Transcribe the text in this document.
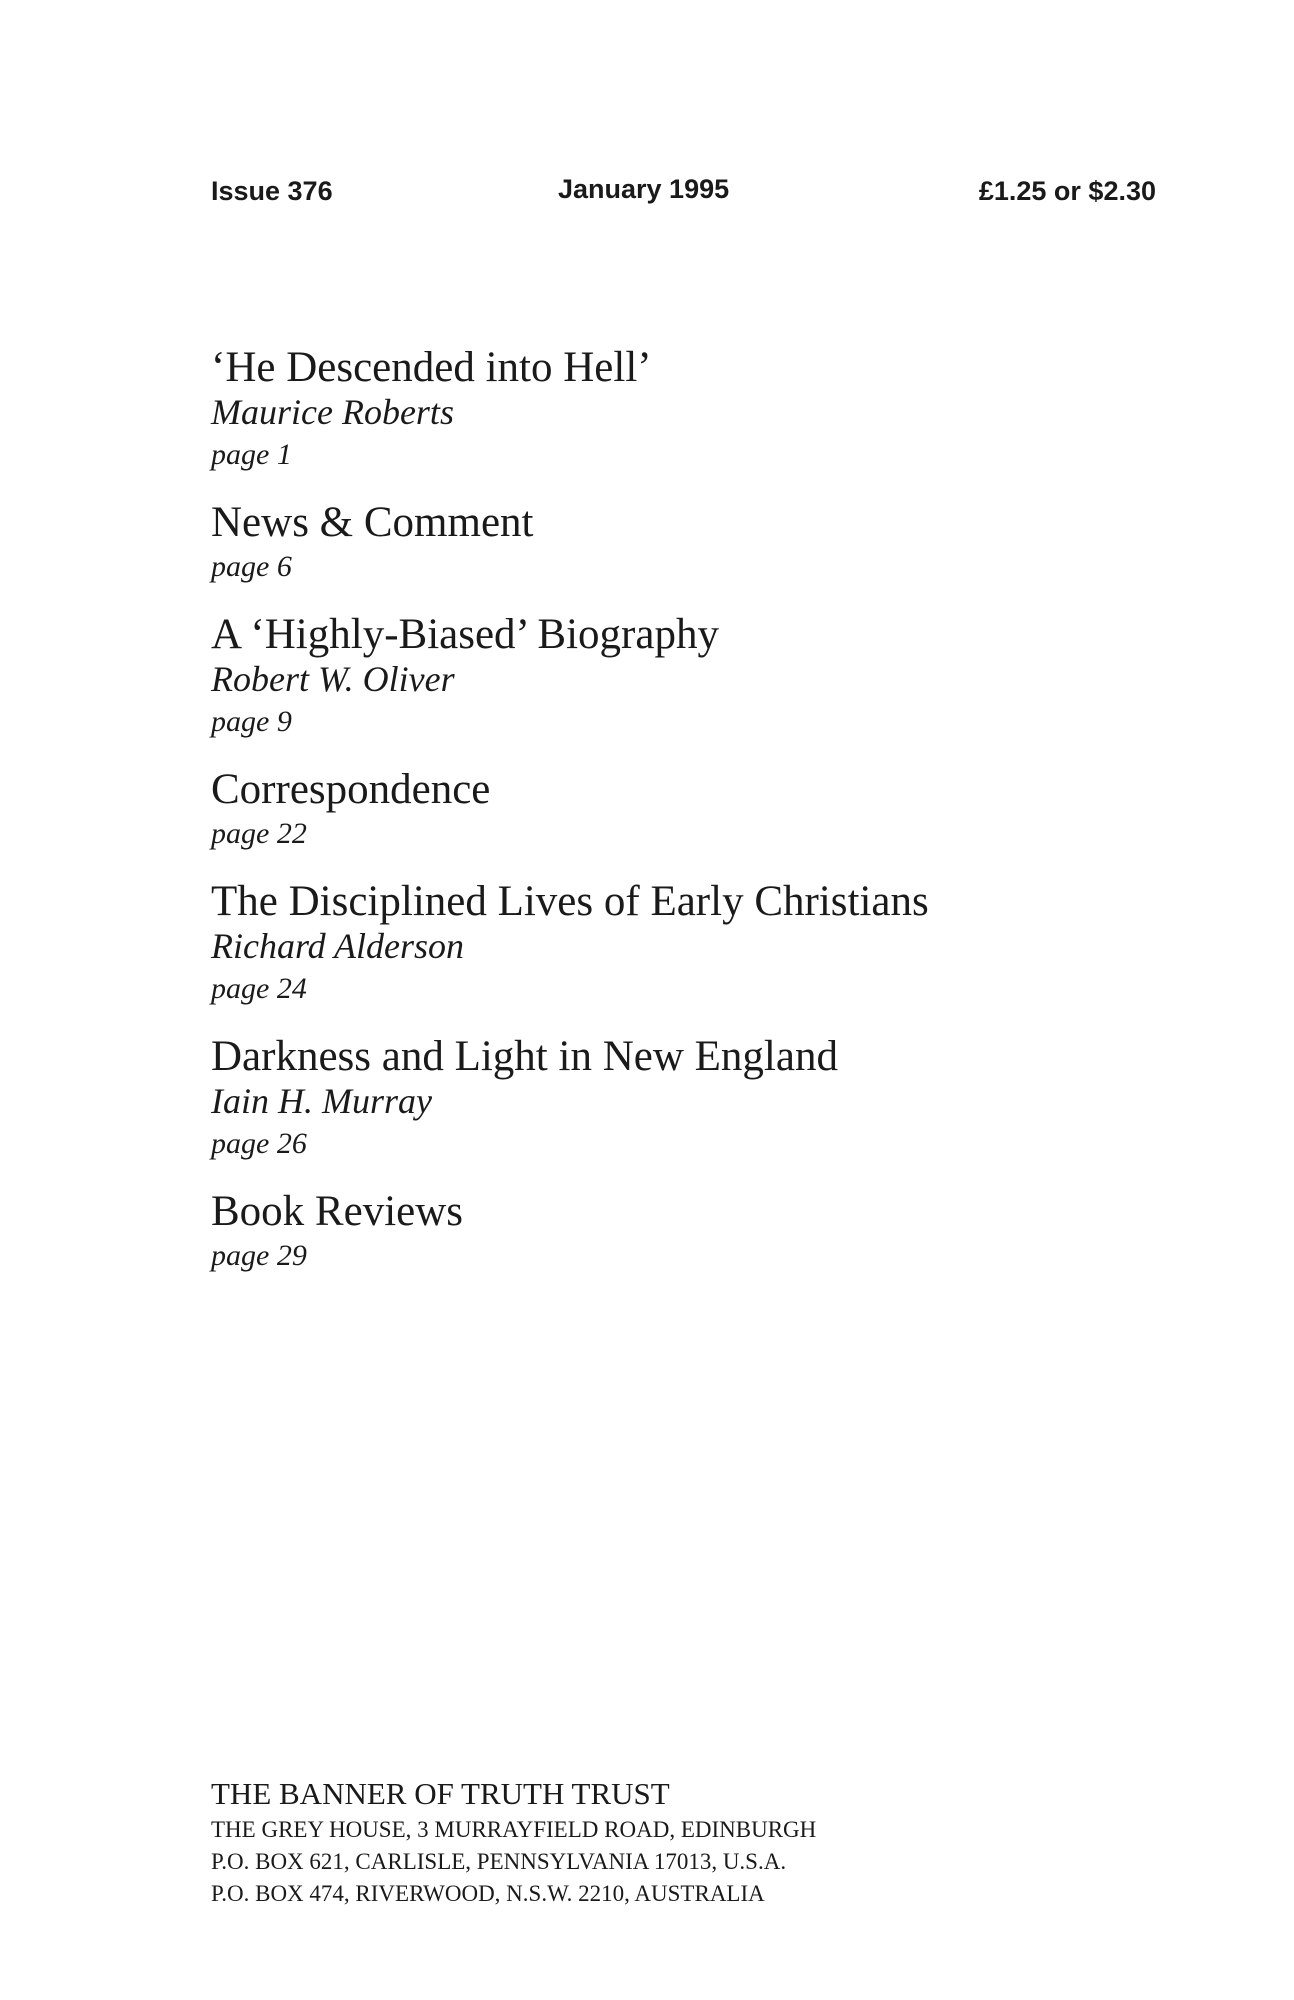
Issue 376	January 1995	£1.25 or $2.30
‘He Descended into Hell’
Maurice Roberts
page 1
News & Comment
page 6
A ‘Highly-Biased’ Biography
Robert W. Oliver
page 9
Correspondence
page 22
The Disciplined Lives of Early Christians
Richard Alderson
page 24
Darkness and Light in New England
Iain H. Murray
page 26
Book Reviews
page 29
THE BANNER OF TRUTH TRUST
THE GREY HOUSE, 3 MURRAYFIELD ROAD, EDINBURGH
P.O. BOX 621, CARLISLE, PENNSYLVANIA 17013, U.S.A.
P.O. BOX 474, RIVERWOOD, N.S.W. 2210, AUSTRALIA
